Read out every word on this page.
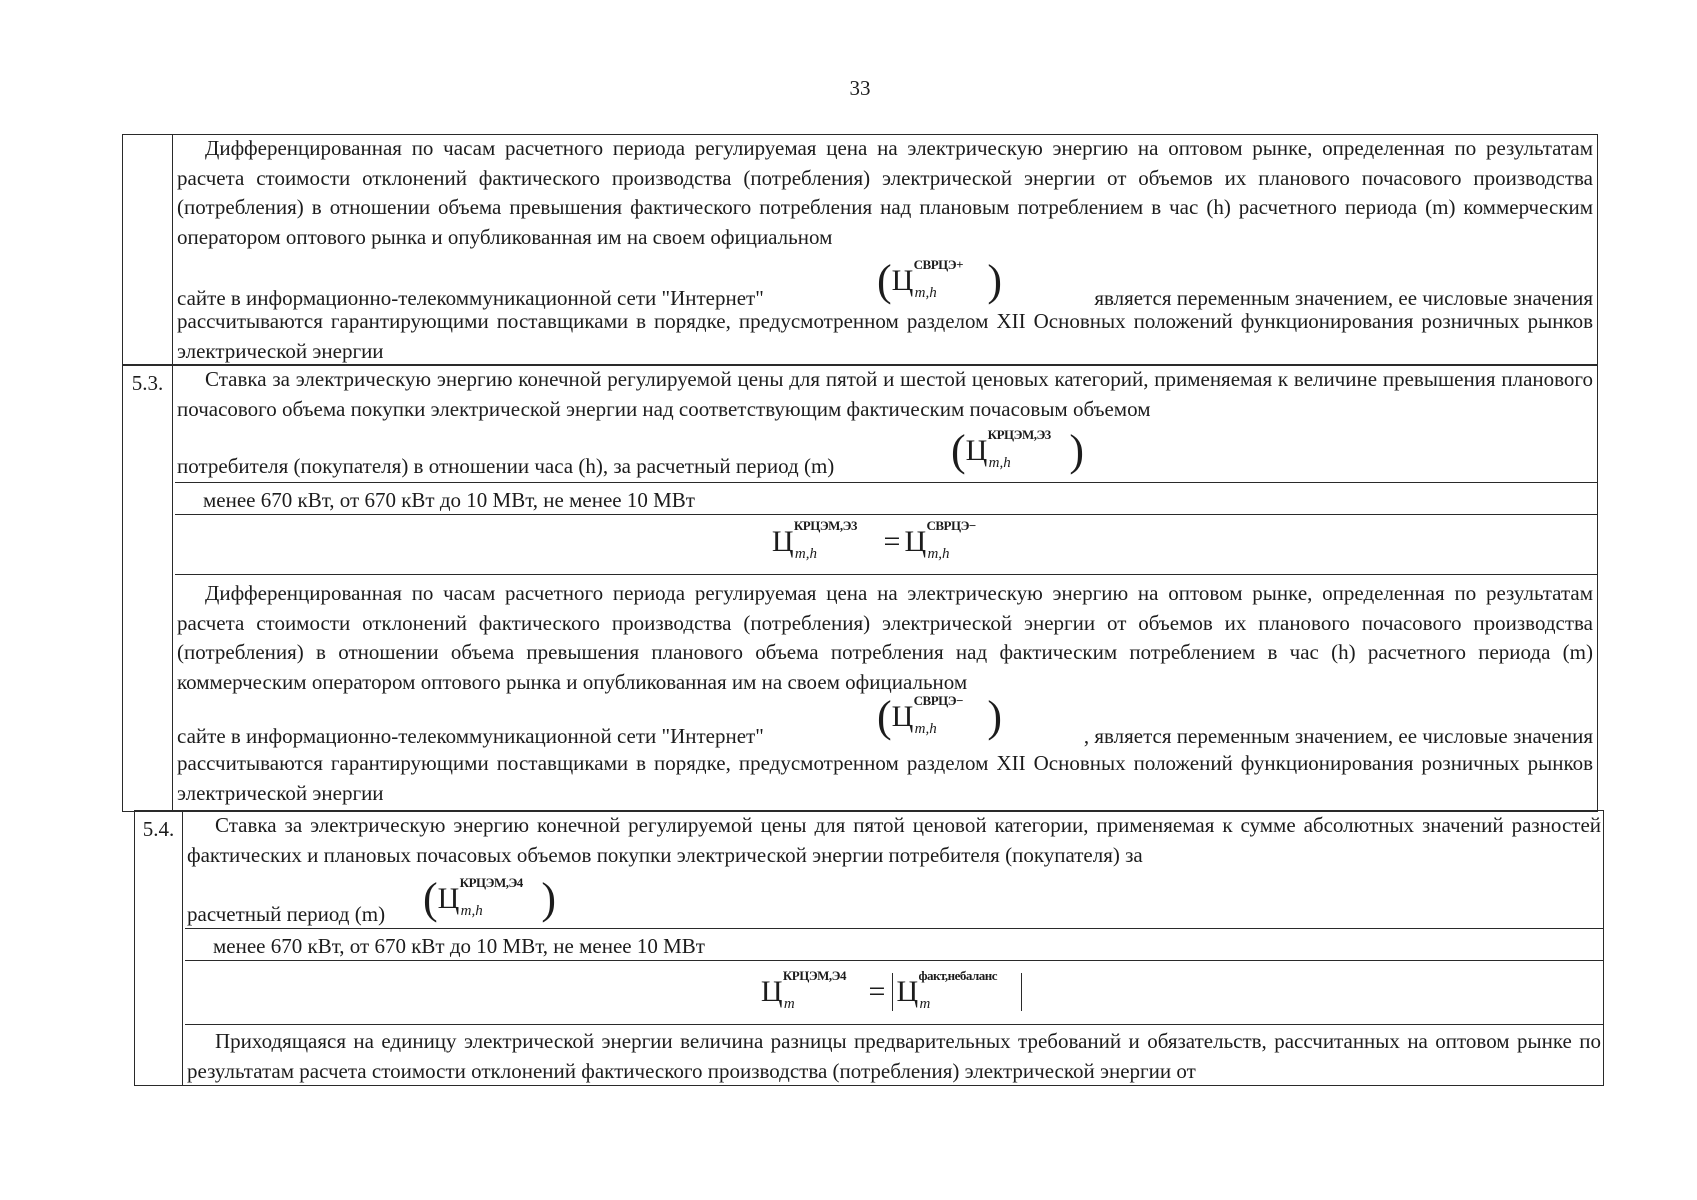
33
Дифференцированная по часам расчетного периода регулируемая цена на электрическую энергию на оптовом рынке, определенная по результатам расчета стоимости отклонений фактического производства (потребления) электрической энергии от объемов их планового почасового производства (потребления) в отношении объема превышения фактического потребления над плановым потреблением в час (h) расчетного периода (m) коммерческим оператором оптового рынка и опубликованная им на своем официальном
сайте в информационно-телекоммуникационной сети "Интернет"	( Ц СВРЦЭ+
m,h )	является переменным значением, ее числовые значения
рассчитываются гарантирующими поставщиками в порядке, предусмотренном разделом XII Основных положений функционирования розничных рынков электрической энергии
5.3.	Ставка за электрическую энергию конечной регулируемой цены для пятой и шестой ценовых категорий, применяемая к величине превышения планового почасового объема покупки электрической энергии над соответствующим фактическим почасовым объемом
потребителя (покупателя) в отношении часа (h), за расчетный период (m)	( Ц КРЦЭМ,Э3
m,h )
менее 670 кВт, от 670 кВт до 10 МВт, не менее 10 МВт
Ц КРЦЭМ,Э3
m,h = Ц СВРЦЭ−
m,h
Дифференцированная по часам расчетного периода регулируемая цена на электрическую энергию на оптовом рынке, определенная по результатам расчета стоимости отклонений фактического производства (потребления) электрической энергии от объемов их планового почасового производства (потребления) в отношении объема превышения планового объема потребления над фактическим потреблением в час (h) расчетного периода (m) коммерческим оператором оптового рынка и опубликованная им на своем официальном
сайте в информационно-телекоммуникационной сети "Интернет"	( Ц СВРЦЭ−
m,h )	, является переменным значением, ее числовые значения
рассчитываются гарантирующими поставщиками в порядке, предусмотренном разделом XII Основных положений функционирования розничных рынков электрической энергии
5.4.	Ставка за электрическую энергию конечной регулируемой цены для пятой ценовой категории, применяемая к сумме абсолютных значений разностей фактических и плановых почасовых объемов покупки электрической энергии потребителя (покупателя) за
расчетный период (m) ( Ц КРЦЭМ,Э4
m,h )
менее 670 кВт, от 670 кВт до 10 МВт, не менее 10 МВт
Ц КРЦЭМ,Э4
m = Ц факт,небаланс
m
Приходящаяся на единицу электрической энергии величина разницы предварительных требований и обязательств, рассчитанных на оптовом рынке по результатам расчета стоимости отклонений фактического производства (потребления) электрической энергии от
